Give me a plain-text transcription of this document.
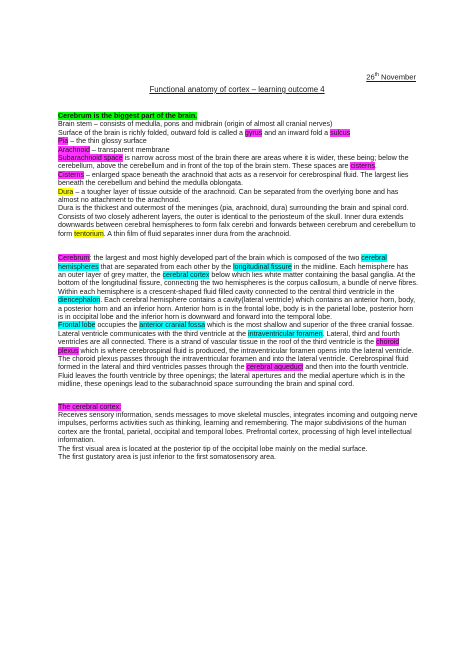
26th November
Functional anatomy of cortex – learning outcome 4

Cerebrum is the biggest part of the brain.

Brain stem – consists of medulla, pons and midbrain (origin of almost all cranial nerves)

Surface of the brain is richly folded, outward fold is called a gyrus and an inward fold a sulcus

Pia – the thin glossy surface

Arachnoid – transparent membrane

Subarachnoid space is narrow across most of the brain there are areas where it is wider, these being; below the cerebellum, above the cerebellum and in front of the top of the brain stem. These spaces are cisterns.

Cisterns – enlarged space beneath the arachnoid that acts as a reservoir for cerebrospinal fluid. The largest lies beneath the cerebellum and behind the medulla oblongata.

Dura – a tougher layer of tissue outside of the arachnoid. Can be separated from the overlying bone and has almost no attachment to the arachnoid.

Dura is the thickest and outermost of the meninges (pia, arachnoid, dura) surrounding the brain and spinal cord. Consists of two closely adherent layers, the outer is identical to the periosteum of the skull. Inner dura extends downwards between cerebral hemispheres to form falx cerebri and forwards between cerebrum and cerebellum to form tentorium. A thin film of fluid separates inner dura from the arachnoid.

Cerebrum: the largest and most highly developed part of the brain which is composed of the two cerebral hemispheres that are separated from each other by the longitudinal fissure in the midline. Each hemisphere has an outer layer of grey matter, the cerebral cortex below which lies white matter containing the basal ganglia. At the bottom of the longitudinal fissure, connecting the two hemispheres is the corpus callosum, a bundle of nerve fibres. Within each hemisphere is a crescent-shaped fluid filled cavity connected to the central third ventricle in the diencephalon. Each cerebral hemisphere contains a cavity(lateral ventricle) which contains an anterior horn, body, a posterior horn and an inferior horn. Anterior horn is in the frontal lobe, body is in the parietal lobe, posterior horn is in occipital lobe and the inferior horn is downward and forward into the temporal lobe.

Frontal lobe occupies the anterior cranial fossa which is the most shallow and superior of the three cranial fossae.

Lateral ventricle communicates with the third ventricle at the intraventricular foramen. Lateral, third and fourth ventricles are all connected. There is a strand of vascular tissue in the roof of the third ventricle is the choroid plexus which is where cerebrospinal fluid is produced, the intraventricular foramen opens into the lateral ventricle. The choroid plexus passes through the intraventricular foramen and into the lateral ventricle. Cerebrospinal fluid formed in the lateral and third ventricles passes through the cerebral aqueduct and then into the fourth ventricle. Fluid leaves the fourth ventricle by three openings; the lateral apertures and the medial aperture which is in the midline, these openings lead to the subarachnoid space surrounding the brain and spinal cord.

The cerebral cortex:

Receives sensory information, sends messages to move skeletal muscles, integrates incoming and outgoing nerve impulses, performs activities such as thinking, learning and remembering. The major subdivisions of the human cortex are the frontal, parietal, occipital and temporal lobes. Prefrontal cortex, processing of high level intellectual information.

The first visual area is located at the posterior tip of the occipital lobe mainly on the medial surface.

The first gustatory area is just inferior to the first somatosensory area.
